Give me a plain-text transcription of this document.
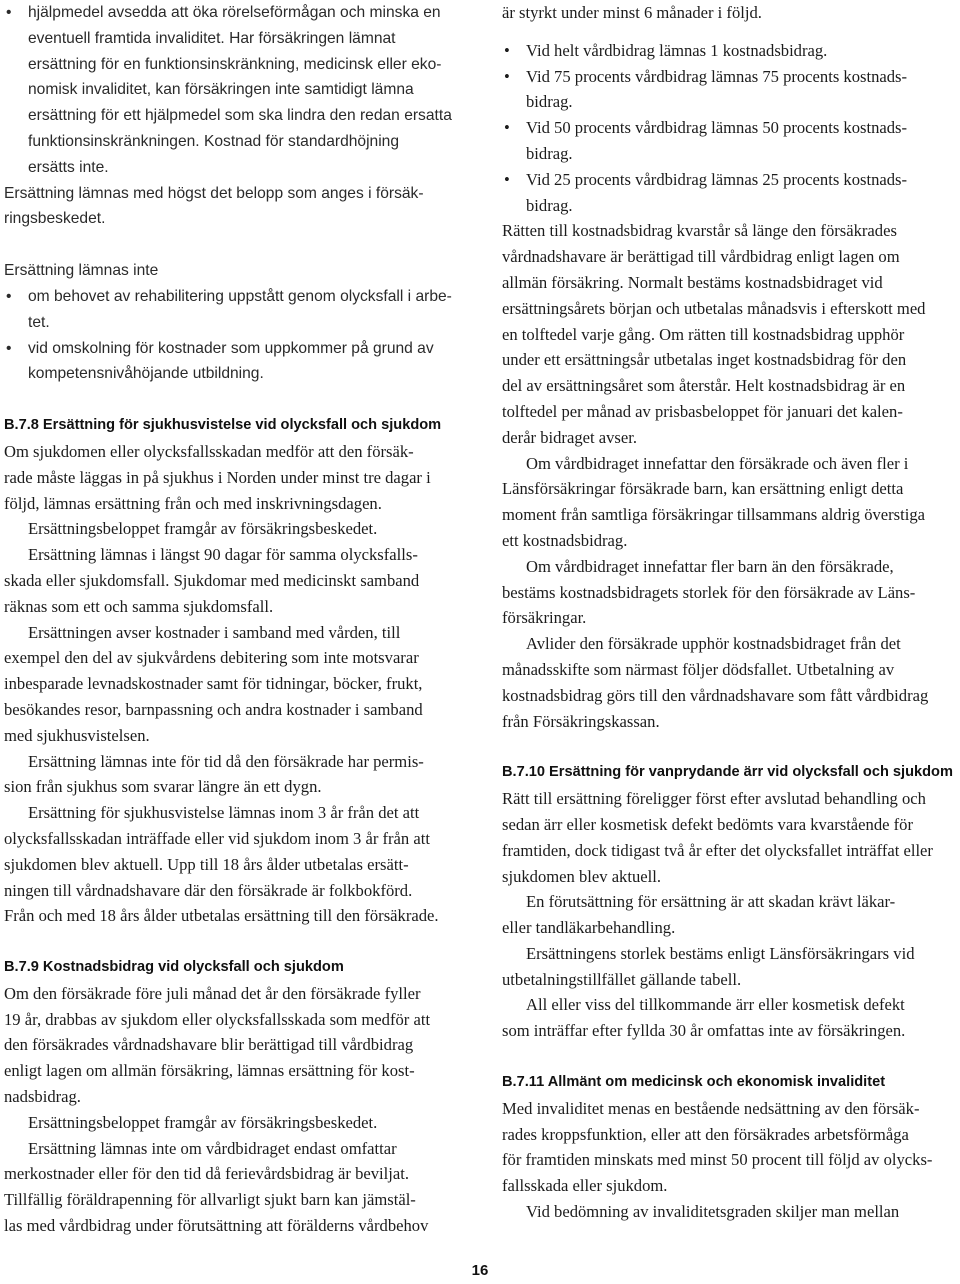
• hjälpmedel avsedda att öka rörelseförmågan och minska en
eventuell framtida invaliditet. Har försäkringen lämnat
ersättning för en funktionsinskränkning, medicinsk eller eko-
nomisk invaliditet, kan försäkringen inte samtidigt lämna
ersättning för ett hjälpmedel som ska lindra den redan ersatta
funktionsinskränkningen. Kostnad för standardhöjning
ersätts inte.
Ersättning lämnas med högst det belopp som anges i försäk-
ringsbeskedet.
Ersättning lämnas inte
• om behovet av rehabilitering uppstått genom olycksfall i arbe-
tet.
• vid omskolning för kostnader som uppkommer på grund av
kompetensnivåhöjande utbildning.
B.7.8 Ersättning för sjukhusvistelse vid olycksfall och sjukdom
Om sjukdomen eller olycksfallsskadan medför att den försäk-
rade måste läggas in på sjukhus i Norden under minst tre dagar i
följd, lämnas ersättning från och med inskrivningsdagen.
Ersättningsbeloppet framgår av försäkringsbeskedet.
Ersättning lämnas i längst 90 dagar för samma olycksfalls-
skada eller sjukdomsfall. Sjukdomar med medicinskt samband
räknas som ett och samma sjukdomsfall.
Ersättningen avser kostnader i samband med vården, till
exempel den del av sjukvårdens debitering som inte motsvarar
inbesparade levnadskostnader samt för tidningar, böcker, frukt,
besökandes resor, barnpassning och andra kostnader i samband
med sjukhusvistelsen.
Ersättning lämnas inte för tid då den försäkrade har permis-
sion från sjukhus som svarar längre än ett dygn.
Ersättning för sjukhusvistelse lämnas inom 3 år från det att
olycksfallsskadan inträffade eller vid sjukdom inom 3 år från att
sjukdomen blev aktuell. Upp till 18 års ålder utbetalas ersätt-
ningen till vårdnadshavare där den försäkrade är folkbokförd.
Från och med 18 års ålder utbetalas ersättning till den försäkrade.
B.7.9 Kostnadsbidrag vid olycksfall och sjukdom
Om den försäkrade före juli månad det år den försäkrade fyller
19 år, drabbas av sjukdom eller olycksfallsskada som medför att
den försäkrades vårdnadshavare blir berättigad till vårdbidrag
enligt lagen om allmän försäkring, lämnas ersättning för kost-
nadsbidrag.
Ersättningsbeloppet framgår av försäkringsbeskedet.
Ersättning lämnas inte om vårdbidraget endast omfattar
merkostnader eller för den tid då ferievårdsbidrag är beviljat.
Tillfällig föräldrapenning för allvarligt sjukt barn kan jämstäl-
las med vårdbidrag under förutsättning att förälderns vårdbehov
är styrkt under minst 6 månader i följd.
• Vid helt vårdbidrag lämnas 1 kostnadsbidrag.
• Vid 75 procents vårdbidrag lämnas 75 procents kostnads-
bidrag.
• Vid 50 procents vårdbidrag lämnas 50 procents kostnads-
bidrag.
• Vid 25 procents vårdbidrag lämnas 25 procents kostnads-
bidrag.
Rätten till kostnadsbidrag kvarstår så länge den försäkrades
vårdnadshavare är berättigad till vårdbidrag enligt lagen om
allmän försäkring. Normalt bestäms kostnadsbidraget vid
ersättningsårets början och utbetalas månadsvis i efterskott med
en tolftedel varje gång. Om rätten till kostnadsbidrag upphör
under ett ersättningsår utbetalas inget kostnadsbidrag för den
del av ersättningsåret som återstår. Helt kostnadsbidrag är en
tolftedel per månad av prisbasbeloppet för januari det kalen-
derår bidraget avser.
Om vårdbidraget innefattar den försäkrade och även fler i
Länsförsäkringar försäkrade barn, kan ersättning enligt detta
moment från samtliga försäkringar tillsammans aldrig överstiga
ett kostnadsbidrag.
Om vårdbidraget innefattar fler barn än den försäkrade,
bestäms kostnadsbidragets storlek för den försäkrade av Läns-
försäkringar.
Avlider den försäkrade upphör kostnadsbidraget från det
månadsskifte som närmast följer dödsfallet. Utbetalning av
kostnadsbidrag görs till den vårdnadshavare som fått vårdbidrag
från Försäkringskassan.
B.7.10 Ersättning för vanprydande ärr vid olycksfall och sjukdom
Rätt till ersättning föreligger först efter avslutad behandling och
sedan ärr eller kosmetisk defekt bedömts vara kvarstående för
framtiden, dock tidigast två år efter det olycksfallet inträffat eller
sjukdomen blev aktuell.
En förutsättning för ersättning är att skadan krävt läkar-
eller tandläkarbehandling.
Ersättningens storlek bestäms enligt Länsförsäkringars vid
utbetalningstillfället gällande tabell.
All eller viss del tillkommande ärr eller kosmetisk defekt
som inträffar efter fyllda 30 år omfattas inte av försäkringen.
B.7.11 Allmänt om medicinsk och ekonomisk invaliditet
Med invaliditet menas en bestående nedsättning av den försäk-
rades kroppsfunktion, eller att den försäkrades arbetsförmåga
för framtiden minskats med minst 50 procent till följd av olycks-
fallsskada eller sjukdom.
Vid bedömning av invaliditetsgraden skiljer man mellan
16
